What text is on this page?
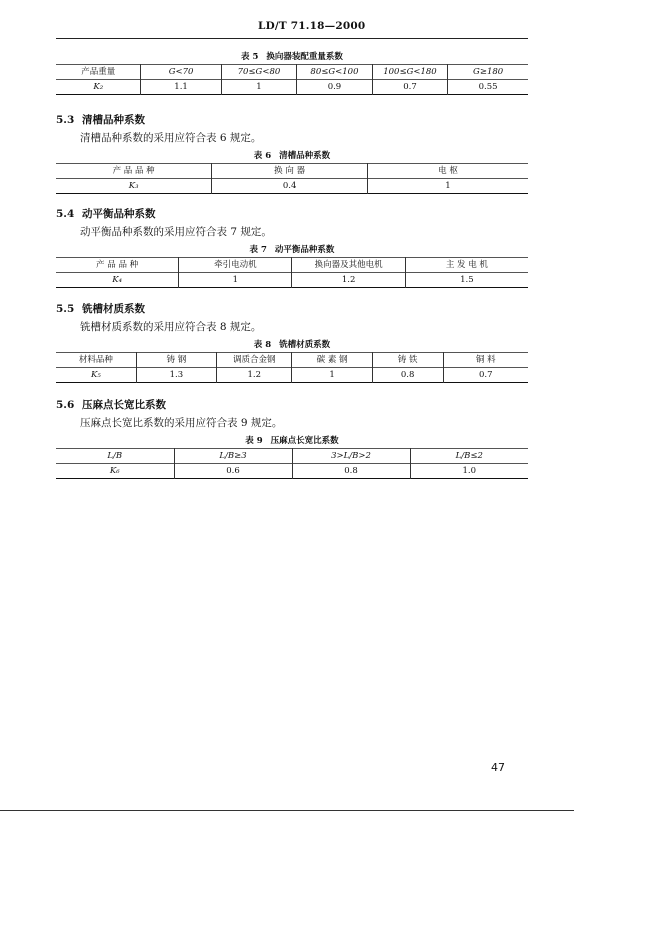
LD/T 71.18—2000
表 5 换向器装配重量系数
产品重量	G<70	70≤G<80	80≤G<100	100≤G<180	G≥180
K₂	1.1	1	0.9	0.7	0.55
5.3 清槽品种系数
清槽品种系数的采用应符合表 6 规定。
表 6 清槽品种系数
产 品 品 种	换 向 器	电 枢
K₃	0.4	1
5.4 动平衡品种系数
动平衡品种系数的采用应符合表 7 规定。
表 7 动平衡品种系数
产 品 品 种	牵引电动机	换向器及其他电机	主 发 电 机
K₄	1	1.2	1.5
5.5 铣槽材质系数
铣槽材质系数的采用应符合表 8 规定。
表 8 铣槽材质系数
材料品种	铸 钢	调质合金钢	碳 素 钢	铸 铁	铜 料
K₅	1.3	1.2	1	0.8	0.7
5.6 压麻点长宽比系数
压麻点长宽比系数的采用应符合表 9 规定。
表 9 压麻点长宽比系数
L/B	L/B≥3	3>L/B>2	L/B≤2
K₆	0.6	0.8	1.0
47
